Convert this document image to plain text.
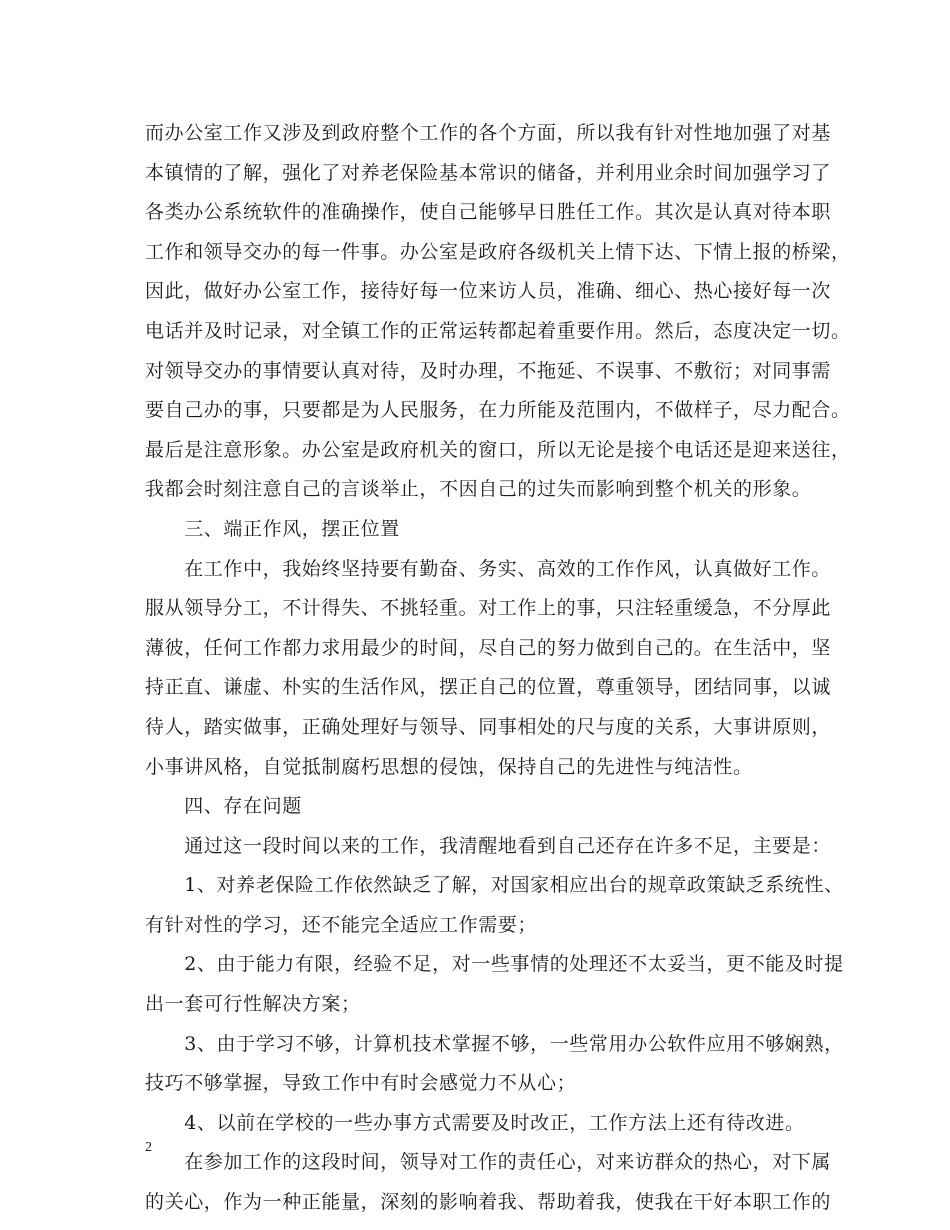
而办公室工作又涉及到政府整个工作的各个方面，所以我有针对性地加强了对基
本镇情的了解，强化了对养老保险基本常识的储备，并利用业余时间加强学习了
各类办公系统软件的准确操作，使自己能够早日胜任工作。其次是认真对待本职
工作和领导交办的每一件事。办公室是政府各级机关上情下达、下情上报的桥梁，
因此，做好办公室工作，接待好每一位来访人员，准确、细心、热心接好每一次
电话并及时记录，对全镇工作的正常运转都起着重要作用。然后，态度决定一切。
对领导交办的事情要认真对待，及时办理，不拖延、不误事、不敷衍；对同事需
要自己办的事，只要都是为人民服务，在力所能及范围内，不做样子，尽力配合。
最后是注意形象。办公室是政府机关的窗口，所以无论是接个电话还是迎来送往，
我都会时刻注意自己的言谈举止，不因自己的过失而影响到整个机关的形象。
　　三、端正作风，摆正位置
　　在工作中，我始终坚持要有勤奋、务实、高效的工作作风，认真做好工作。
服从领导分工，不计得失、不挑轻重。对工作上的事，只注轻重缓急，不分厚此
薄彼，任何工作都力求用最少的时间，尽自己的努力做到自己的。在生活中，坚
持正直、谦虚、朴实的生活作风，摆正自己的位置，尊重领导，团结同事，以诚
待人，踏实做事，正确处理好与领导、同事相处的尺与度的关系，大事讲原则，
小事讲风格，自觉抵制腐朽思想的侵蚀，保持自己的先进性与纯洁性。
　　四、存在问题
　　通过这一段时间以来的工作，我清醒地看到自己还存在许多不足，主要是：
　　1、对养老保险工作依然缺乏了解，对国家相应出台的规章政策缺乏系统性、
有针对性的学习，还不能完全适应工作需要；
　　2、由于能力有限，经验不足，对一些事情的处理还不太妥当，更不能及时提
出一套可行性解决方案；
　　3、由于学习不够，计算机技术掌握不够，一些常用办公软件应用不够娴熟，
技巧不够掌握，导致工作中有时会感觉力不从心；
　　4、以前在学校的一些办事方式需要及时改正，工作方法上还有待改进。
　　在参加工作的这段时间，领导对工作的责任心，对来访群众的热心，对下属
的关心，作为一种正能量，深刻的影响着我、帮助着我，使我在干好本职工作的
2
